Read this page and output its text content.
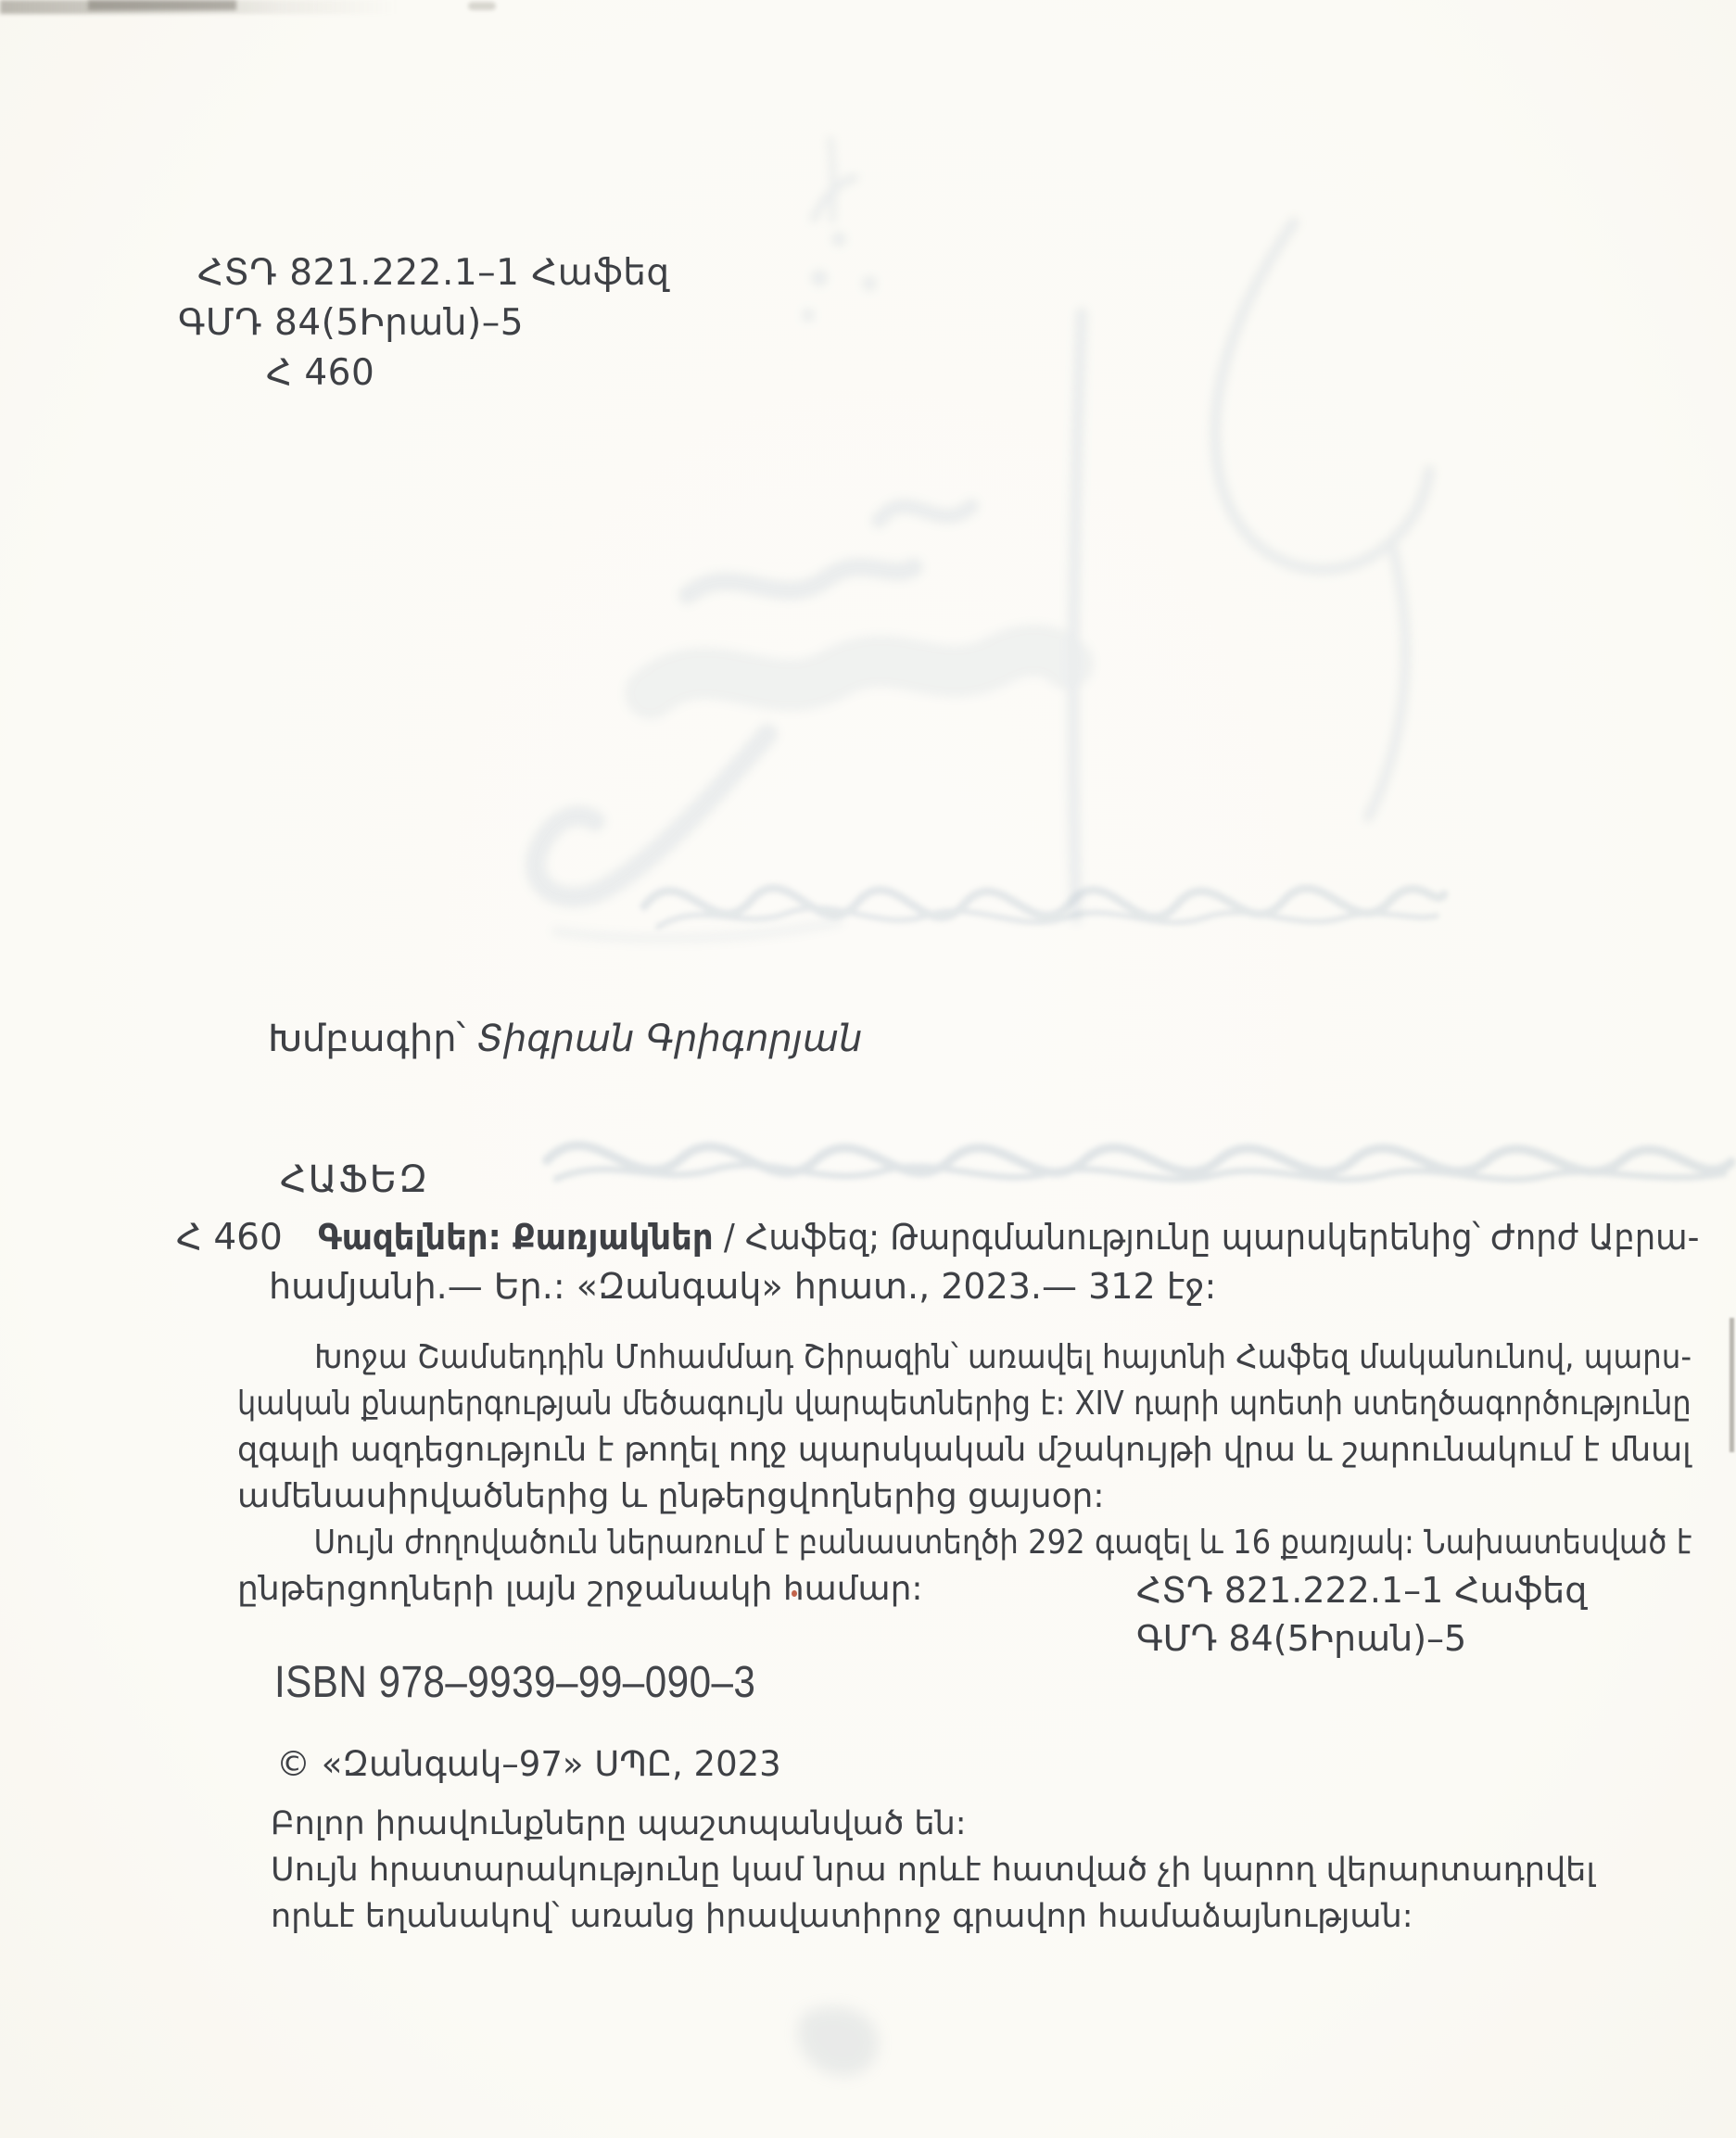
ՀՏԴ 821.222.1–1 Հաֆեզ
ԳՄԴ 84(5Իրան)–5
Հ 460
Խմբագիր՝ Տիգրան Գրիգորյան
ՀԱՖԵԶ
Հ 460 Գազելներ: Քառյակներ / Հաֆեզ; Թարգմանությունը պարսկերենից՝ Ժորժ Աբրա-
համյանի.— Եր.: «Զանգակ» հրատ., 2023.— 312 էջ:
Խոջա Շամսեդդին Մոհամմադ Շիրազին՝ առավել հայտնի Հաֆեզ մականունով, պարս-
կական քնարերգության մեծագույն վարպետներից է: XIV դարի պոետի ստեղծագործությունը
զգալի ազդեցություն է թողել ողջ պարսկական մշակույթի վրա և շարունակում է մնալ
ամենասիրվածներից և ընթերցվողներից ցայսօր:
Սույն ժողովածուն ներառում է բանաստեղծի 292 գազել և 16 քառյակ: Նախատեսված է
ընթերցողների լայն շրջանակի համար:	ՀՏԴ 821.222.1–1 Հաֆեզ
ԳՄԴ 84(5Իրան)–5
ISBN 978–9939–99–090–3
© «Զանգակ–97» ՍՊԸ, 2023
Բոլոր իրավունքները պաշտպանված են:
Սույն հրատարակությունը կամ նրա որևէ հատված չի կարող վերարտադրվել
որևէ եղանակով՝ առանց իրավատիրոջ գրավոր համաձայնության:
